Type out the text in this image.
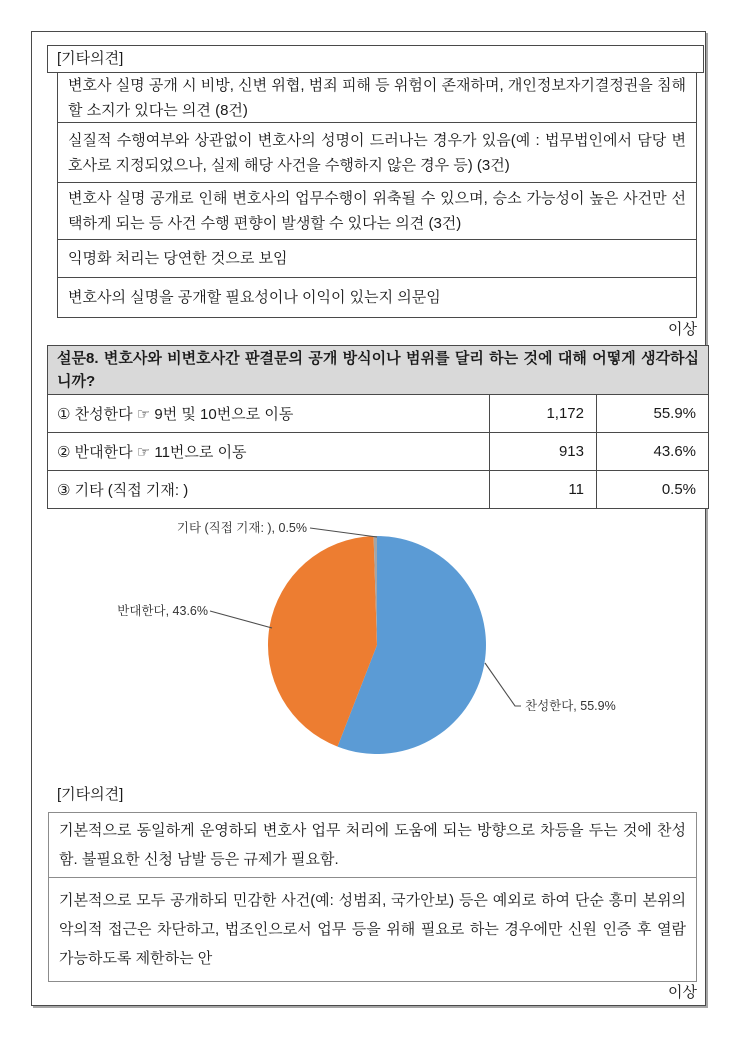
[기타의견]
변호사 실명 공개 시 비방, 신변 위협, 범죄 피해 등 위험이 존재하며, 개인정보자기결정권을 침해할 소지가 있다는 의견 (8건)
실질적 수행여부와 상관없이 변호사의 성명이 드러나는 경우가 있음(예 : 법무법인에서 담당 변호사로 지정되었으나, 실제 해당 사건을 수행하지 않은 경우 등) (3건)
변호사 실명 공개로 인해 변호사의 업무수행이 위축될 수 있으며, 승소 가능성이 높은 사건만 선택하게 되는 등 사건 수행 편향이 발생할 수 있다는 의견 (3건)
익명화 처리는 당연한 것으로 보임
변호사의 실명을 공개할 필요성이나 이익이 있는지 의문임
이상
설문8. 변호사와 비변호사간 판결문의 공개 방식이나 범위를 달리 하는 것에 대해 어떻게 생각하십니까?		
① 찬성한다 ☞ 9번 및 10번으로 이동	1,172	55.9%
② 반대한다 ☞ 11번으로 이동	913	43.6%
③ 기타 (직접 기재: )	11	0.5%
기타 (직접 기재: ), 0.5%
반대한다, 43.6%
찬성한다, 55.9%
[기타의견]
기본적으로 동일하게 운영하되 변호사 업무 처리에 도움에 되는 방향으로 차등을 두는 것에 찬성함. 불필요한 신청 남발 등은 규제가 필요함.
기본적으로 모두 공개하되 민감한 사건(예: 성범죄, 국가안보) 등은 예외로 하여 단순 흥미 본위의 악의적 접근은 차단하고, 법조인으로서 업무 등을 위해 필요로 하는 경우에만 신원 인증 후 열람 가능하도록 제한하는 안
이상
